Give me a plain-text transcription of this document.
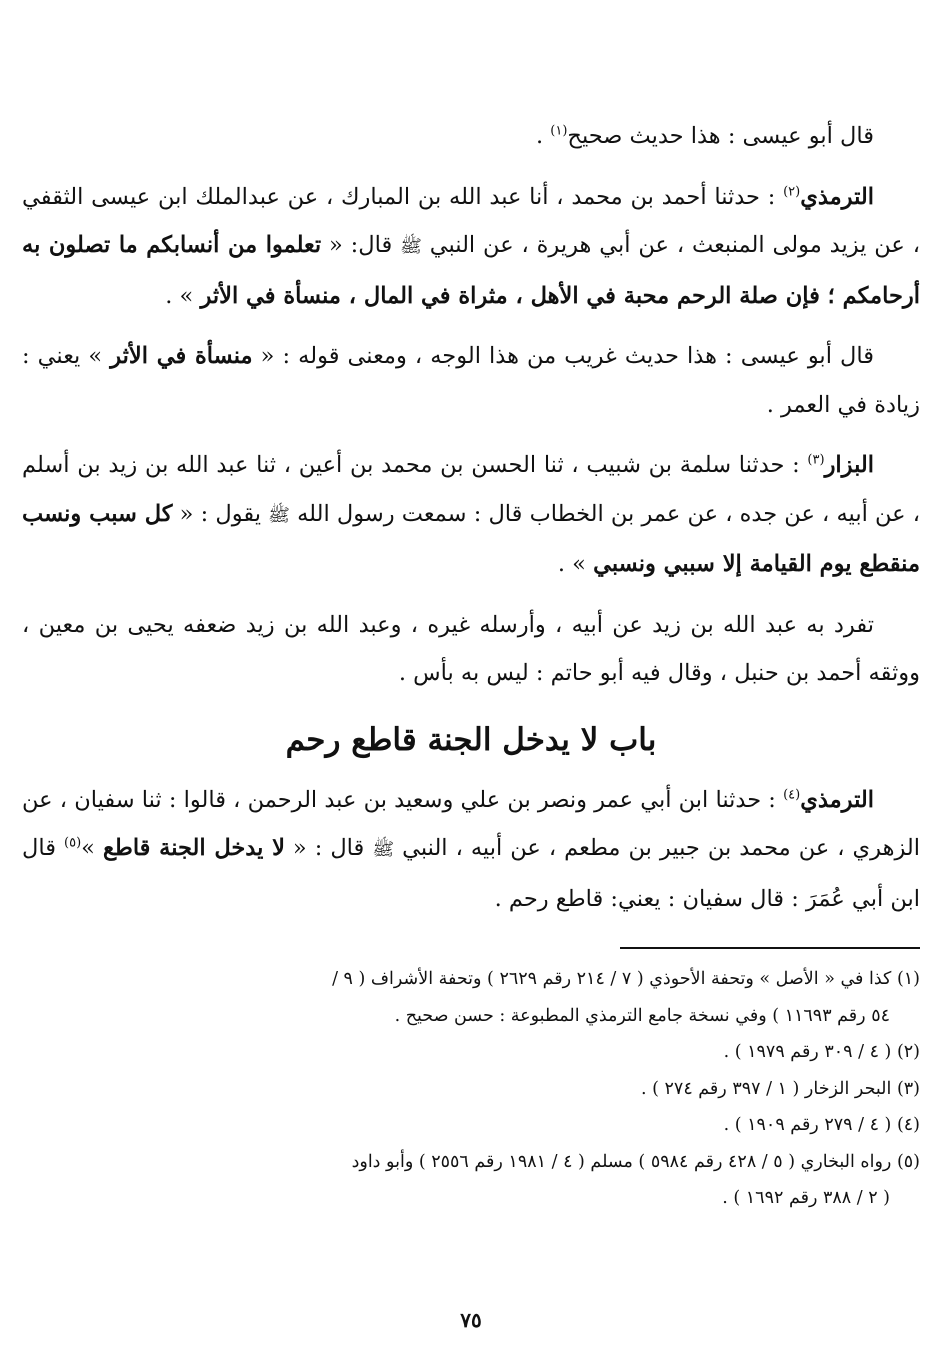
قال أبو عيسى : هذا حديث صحيح$^{(١)}$ .

الترمذي$^{(٢)}$ : حدثنا أحمد بن محمد ، أنا عبد الله بن المبارك ، عن عبدالملك ابن عيسى الثقفي ، عن يزيد مولى المنبعث ، عن أبي هريرة ، عن النبي ﷺ قال: « تعلموا من أنسابكم ما تصلون به أرحامكم ؛ فإن صلة الرحم محبة في الأهل ، مثراة في المال ، منسأة في الأثر » .

قال أبو عيسى : هذا حديث غريب من هذا الوجه ، ومعنى قوله : « منسأة في الأثر » يعني : زيادة في العمر .

البزار$^{(٣)}$ : حدثنا سلمة بن شبيب ، ثنا الحسن بن محمد بن أعين ، ثنا عبد الله بن زيد بن أسلم ، عن أبيه ، عن جده ، عن عمر بن الخطاب قال : سمعت رسول الله ﷺ يقول : « كل سبب ونسب منقطع يوم القيامة إلا سببي ونسبي » .

تفرد به عبد الله بن زيد عن أبيه ، وأرسله غيره ، وعبد الله بن زيد ضعفه يحيى بن معين ، ووثقه أحمد بن حنبل ، وقال فيه أبو حاتم : ليس به بأس .

باب لا يدخل الجنة قاطع رحم

الترمذي$^{(٤)}$ : حدثنا ابن أبي عمر ونصر بن علي وسعيد بن عبد الرحمن ، قالوا : ثنا سفيان ، عن الزهري ، عن محمد بن جبير بن مطعم ، عن أبيه ، النبي ﷺ قال : « لا يدخل الجنة قاطع »$^{(٥)}$ قال ابن أبي عُمَرَ : قال سفيان : يعني: قاطع رحم .

(١) كذا في « الأصل » وتحفة الأحوذي ( ٧ / ٢١٤ رقم ٢٦٢٩ ) وتحفة الأشراف ( ٩ /
٥٤ رقم ١١٦٩٣ ) وفي نسخة جامع الترمذي المطبوعة : حسن صحيح .
(٢) ( ٤ / ٣٠٩ رقم ١٩٧٩ ) .
(٣) البحر الزخار ( ١ / ٣٩٧ رقم ٢٧٤ ) .
(٤) ( ٤ / ٢٧٩ رقم ١٩٠٩ ) .
(٥) رواه البخاري ( ٥ / ٤٢٨ رقم ٥٩٨٤ ) مسلم ( ٤ / ١٩٨١ رقم ٢٥٥٦ ) وأبو داود
( ٢ / ٣٨٨ رقم ١٦٩٢ ) .
٧٥
